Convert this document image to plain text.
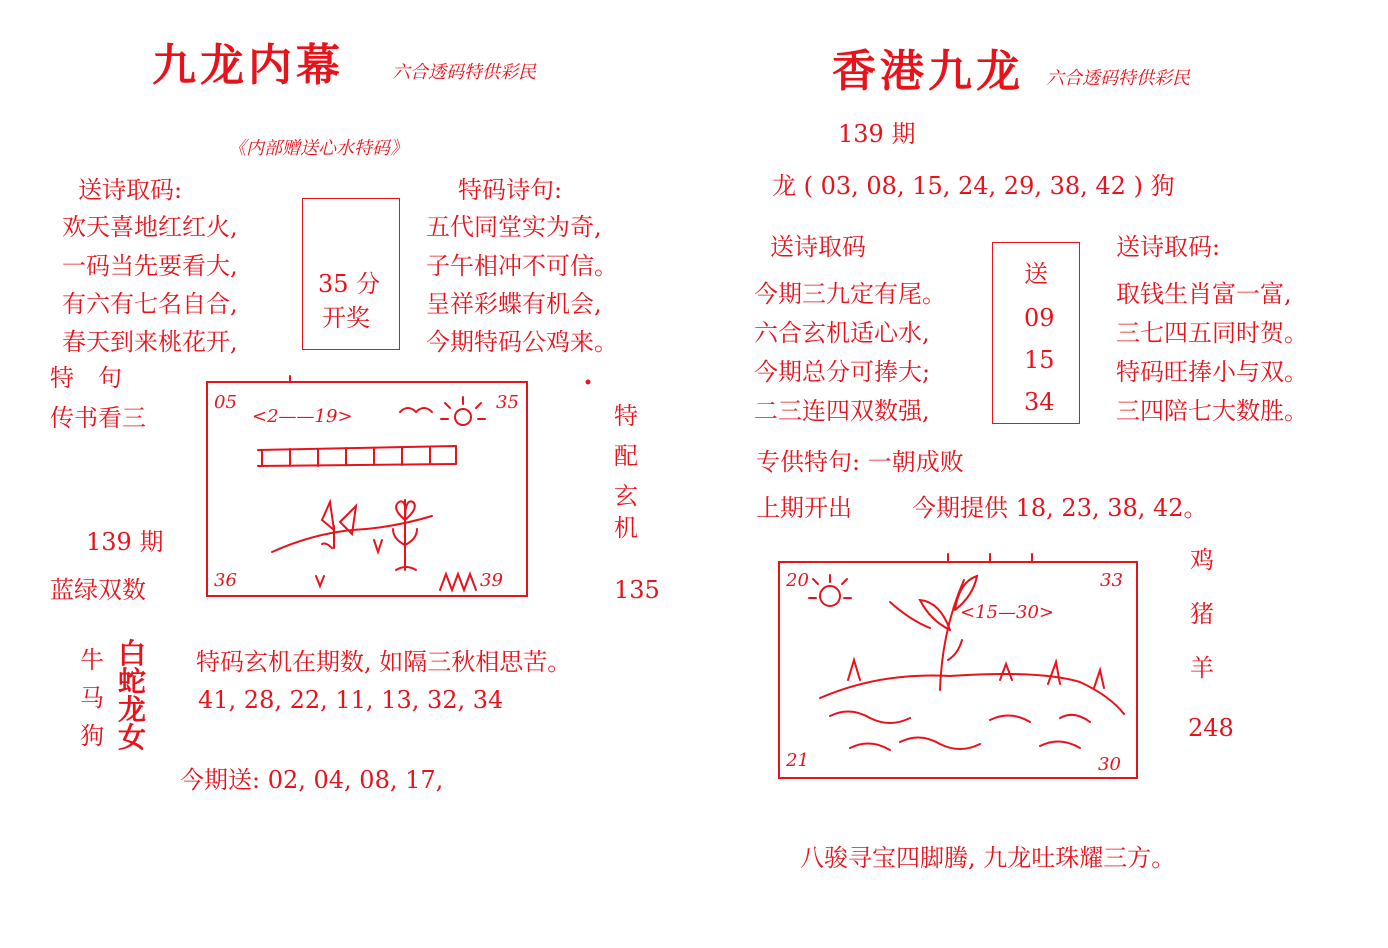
九龙内幕	六合透码特供彩民
《内部赠送心水特码》
送诗取码:
欢天喜地红红火,
一码当先要看大,
有六有七名自合,
春天到来桃花开,
35 分
开奖
特码诗句:
五代同堂实为奇,
子午相冲不可信。
呈祥彩蝶有机会,
今期特码公鸡来。
特　句
传书看三
139 期
蓝绿双数
特
配
玄
机
135
05	35
36	39
<2——19>
牛
马
狗
白
蛇
龙
女
特码玄机在期数, 如隔三秋相思苦。
41, 28, 22, 11, 13, 32, 34
今期送: 02, 04, 08, 17,
香港九龙 六合透码特供彩民
139 期
龙 ( 03, 08, 15, 24, 29, 38, 42 ) 狗
送诗取码
今期三九定有尾。
六合玄机适心水,
今期总分可捧大;
二三连四双数强,
送
09
15
34
送诗取码:
取钱生肖富一富,
三七四五同时贺。
特码旺捧小与双。
三四陪七大数胜。
专供特句: 一朝成败
上期开出	今期提供 18, 23, 38, 42。
20	33
21	30
<15—30>
鸡
猪
羊
248
八骏寻宝四脚腾, 九龙吐珠耀三方。
